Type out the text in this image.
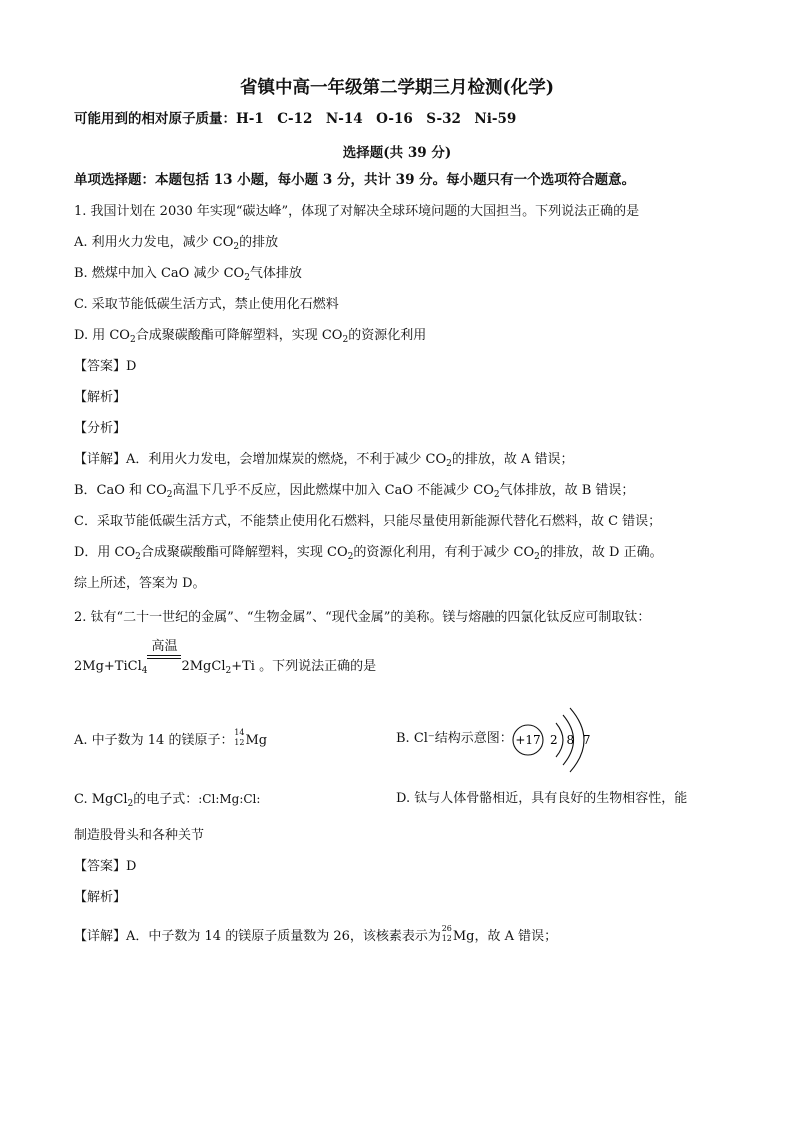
省镇中高一年级第二学期三月检测(化学)
可能用到的相对原子质量：H-1　C-12　N-14　O-16　S-32　Ni-59
选择题(共 39 分)
单项选择题：本题包括 13 小题，每小题 3 分，共计 39 分。每小题只有一个选项符合题意。
1. 我国计划在 2030 年实现“碳达峰”，体现了对解决全球环境问题的大国担当。下列说法正确的是
A. 利用火力发电，减少 $CO_2$的排放
B. 燃煤中加入 CaO 减少 $CO_2$气体排放
C. 采取节能低碳生活方式，禁止使用化石燃料
D. 用 $CO_2$合成聚碳酸酯可降解塑料，实现 $CO_2$的资源化利用
【答案】D
【解析】
【分析】
【详解】A．利用火力发电，会增加煤炭的燃烧，不利于减少 $CO_2$的排放，故 A 错误；
B．CaO 和 $CO_2$高温下几乎不反应，因此燃煤中加入 CaO 不能减少 $CO_2$气体排放，故 B 错误；
C．采取节能低碳生活方式，不能禁止使用化石燃料，只能尽量使用新能源代替化石燃料，故 C 错误；
D．用 $CO_2$合成聚碳酸酯可降解塑料，实现 $CO_2$的资源化利用，有利于减少 $CO_2$的排放，故 D 正确。
综上所述，答案为 D。
2. 钛有“二十一世纪的金属”、“生物金属”、“现代金属”的美称。镁与熔融的四氯化钛反应可制取钛：
2Mg+TiCl$_4$
高温
2MgCl$_2$+Ti 。下列说法正确的是
A. 中子数为 14 的镁原子：
14
12 Mg	B. Cl⁻结构示意图： +17 2 8 7
C. MgCl$_2$的电子式：:Cl:Mg:Cl:	D. 钛与人体骨骼相近，具有良好的生物相容性，能
制造股骨头和各种关节
【答案】D
【解析】
【详解】A．中子数为 14 的镁原子质量数为 26，该核素表示为
26
12 Mg，故 A 错误；
